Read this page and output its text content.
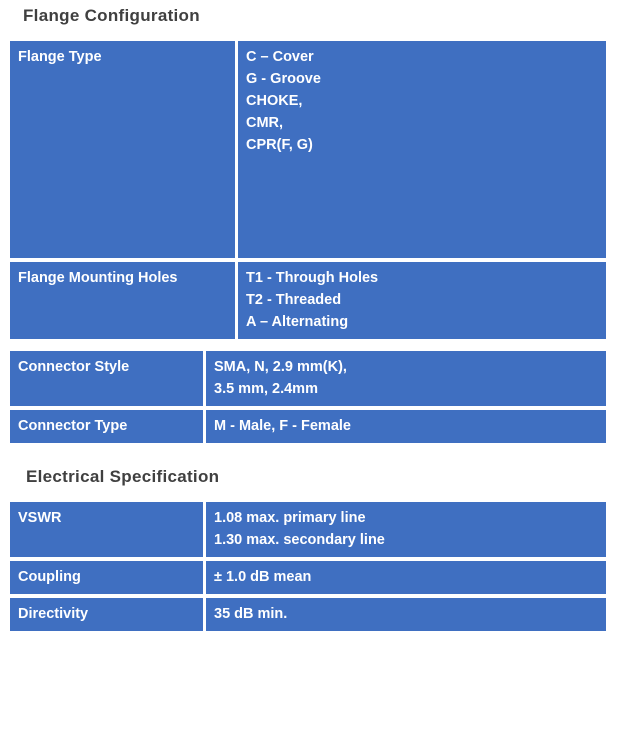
Flange Configuration
Flange Type	C – Cover
G - Groove
CHOKE,
CMR,
CPR(F, G)

Flange Mounting Holes	T1 - Through Holes
T2 - Threaded
A – Alternating
Connector Style	SMA, N, 2.9 mm(K),
3.5 mm, 2.4mm

Connector Type	M - Male, F - Female
Electrical Specification
VSWR	1.08 max. primary line
1.30 max. secondary line

Coupling	± 1.0 dB mean

Directivity	35 dB min.
